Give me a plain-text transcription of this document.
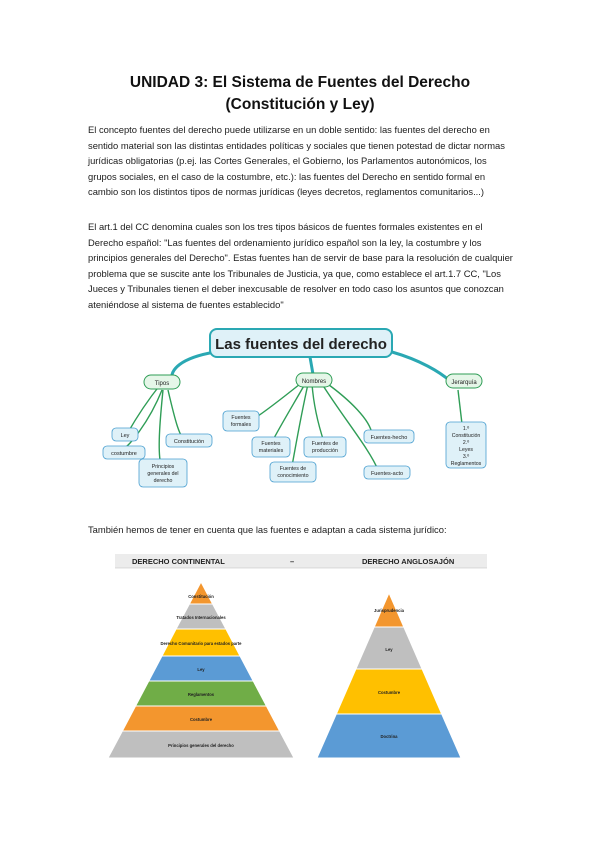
UNIDAD 3: El Sistema de Fuentes del Derecho (Constitución y Ley)

El concepto fuentes del derecho puede utilizarse en un doble sentido: las fuentes del derecho en sentido material son las distintas entidades políticas y sociales que tienen potestad de dictar normas jurídicas obligatorias (p.ej. las Cortes Generales, el Gobierno, los Parlamentos autonómicos, los grupos sociales, en el caso de la costumbre, etc.): las fuentes del Derecho en sentido formal en cambio son los distintos tipos de normas jurídicas (leyes decretos, reglamentos comunitarios...)

El art.1 del CC denomina cuales son los tres tipos básicos de fuentes formales existentes en el Derecho español: "Las fuentes del ordenamiento jurídico español son la ley, la costumbre y los principios generales del Derecho". Estas fuentes han de servir de base para la resolución de cualquier problema que se suscite ante los Tribunales de Justicia, ya que, como establece el art.1.7 CC, "Los Jueces y Tribunales tienen el deber inexcusable de resolver en todo caso los asuntos que conozcan ateniéndose al sistema de fuentes establecido"

Las fuentes del derecho
Tipos	Nombres	Jerarquía
Ley
costumbre
Constitución
Principios
generales del
derecho
Fuentes
formales
Fuentes
materiales
Fuentes de
producción
Fuentes de
conocimiento
Fuentes-hecho
Fuentes-acto
1.º
Constitución
2.º
Leyes
3.º
Reglamentos

También hemos de tener en cuenta que las fuentes e adaptan a cada sistema jurídico:

DERECHO CONTINENTAL	–	DERECHO ANGLOSAJÓN
Constitución
Tratados Internacionales
Derecho Comunitario para estados parte
Ley
Reglamentos
Costumbre
Principios generales del derecho
Jurisprudencia
Ley
Costumbre
Doctrina
